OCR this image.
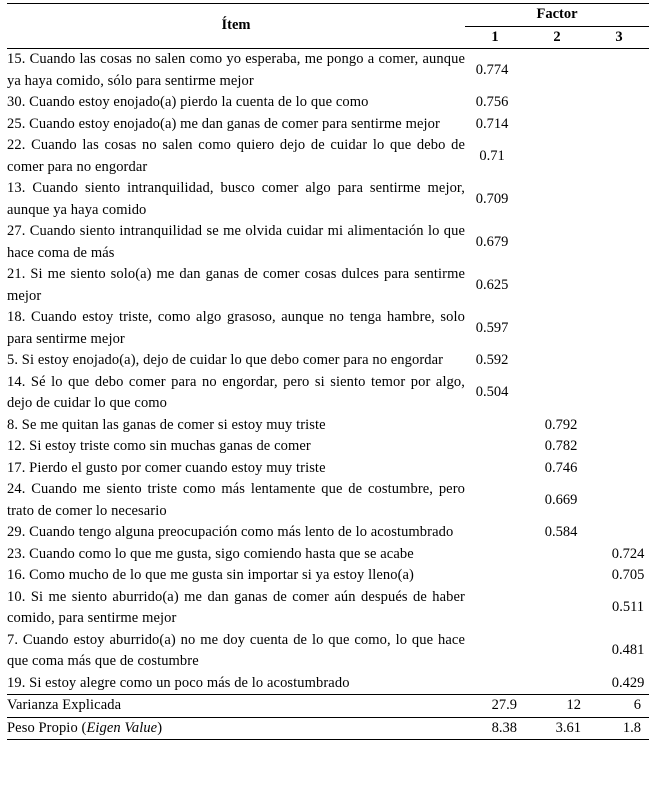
Ítem	Factor		
	1	2	3
15. Cuando las cosas no salen como yo esperaba, me pongo a comer, aunque ya haya comido, sólo para sentirme mejor	0.774		
30. Cuando estoy enojado(a) pierdo la cuenta de lo que como	0.756		
25. Cuando estoy enojado(a) me dan ganas de comer para sentirme mejor	0.714		
22. Cuando las cosas no salen como quiero dejo de cuidar lo que debo de comer para no engordar	0.71		
13. Cuando siento intranquilidad, busco comer algo para sentirme mejor, aunque ya haya comido	0.709		
27. Cuando siento intranquilidad se me olvida cuidar mi alimentación lo que hace coma de más	0.679		
21. Si me siento solo(a) me dan ganas de comer cosas dulces para sentirme mejor	0.625		
18. Cuando estoy triste, como algo grasoso, aunque no tenga hambre, solo para sentirme mejor	0.597		
5. Si estoy enojado(a), dejo de cuidar lo que debo comer para no engordar	0.592		
14. Sé lo que debo comer para no engordar, pero si siento temor por algo, dejo de cuidar lo que como	0.504		
8. Se me quitan las ganas de comer si estoy muy triste		0.792	
12. Si estoy triste como sin muchas ganas de comer		0.782	
17. Pierdo el gusto por comer cuando estoy muy triste		0.746	
24. Cuando me siento triste como más lentamente que de costumbre, pero trato de comer lo necesario		0.669	
29. Cuando tengo alguna preocupación como más lento de lo acostumbrado		0.584	
23. Cuando como lo que me gusta, sigo comiendo hasta que se acabe			0.724
16. Como mucho de lo que me gusta sin importar si ya estoy lleno(a)			0.705
10. Si me siento aburrido(a) me dan ganas de comer aún después de haber comido, para sentirme mejor			0.511
7. Cuando estoy aburrido(a) no me doy cuenta de lo que como, lo que hace que coma más que de costumbre			0.481
19. Si estoy alegre como un poco más de lo acostumbrado			0.429
Varianza Explicada	27.9	12	6
Peso Propio (Eigen Value)	8.38	3.61	1.8
